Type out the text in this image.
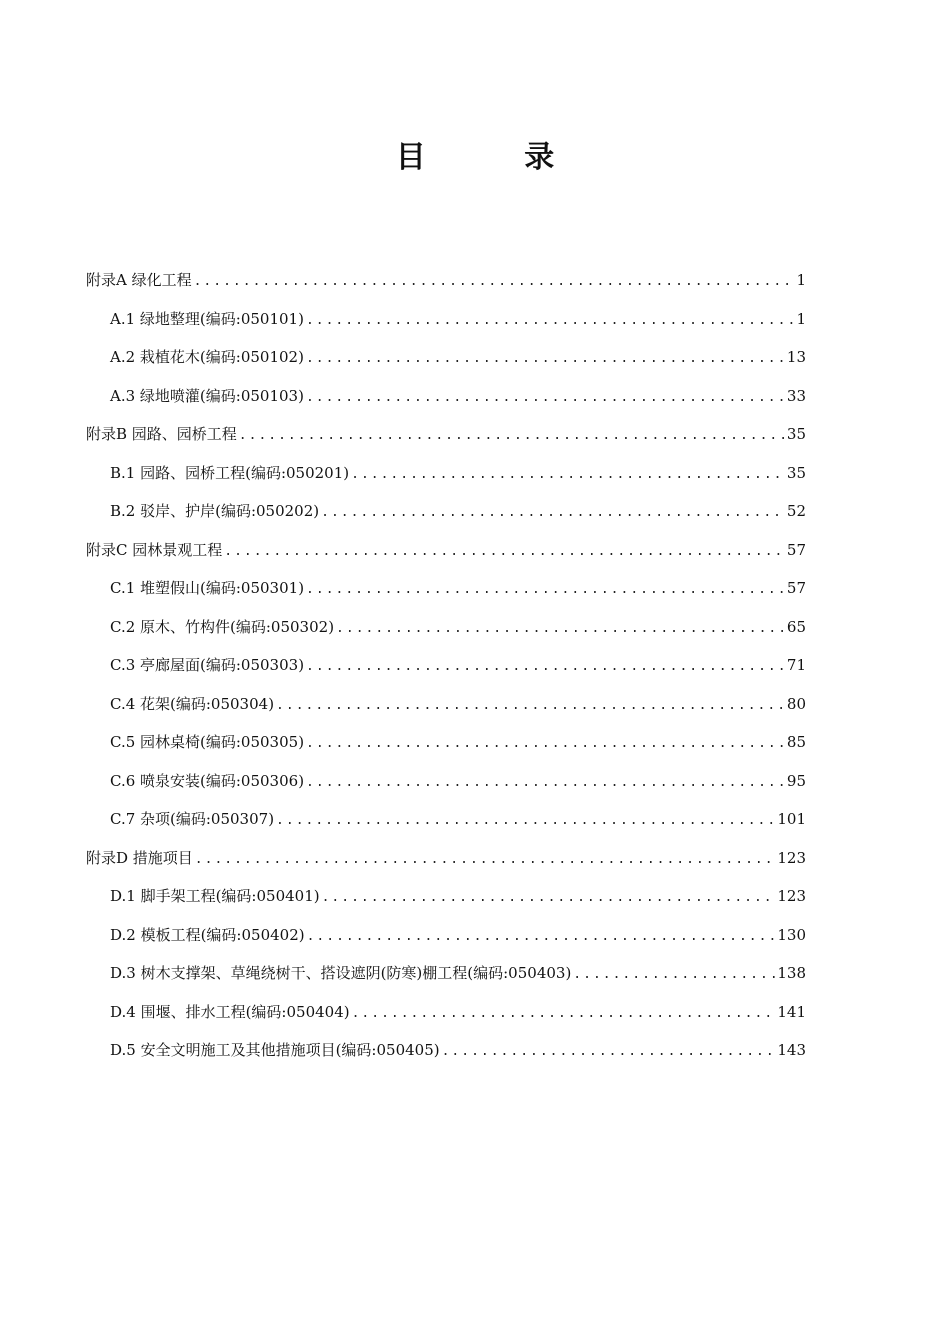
目 录
附录A 绿化工程 .....	1
A.1 绿地整理(编码:050101) .....	1
A.2 栽植花木(编码:050102) .....	13
A.3 绿地喷灌(编码:050103) .....	33
附录B 园路、园桥工程 .....	35
B.1 园路、园桥工程(编码:050201) .....	35
B.2 驳岸、护岸(编码:050202) .....	52
附录C 园林景观工程 .....	57
C.1 堆塑假山(编码:050301) .....	57
C.2 原木、竹构件(编码:050302) .....	65
C.3 亭廊屋面(编码:050303) .....	71
C.4 花架(编码:050304) .....	80
C.5 园林桌椅(编码:050305) .....	85
C.6 喷泉安装(编码:050306) .....	95
C.7 杂项(编码:050307) .....	101
附录D 措施项目 .....	123
D.1 脚手架工程(编码:050401) .....	123
D.2 模板工程(编码:050402) .....	130
D.3 树木支撑架、草绳绕树干、搭设遮阴(防寒)棚工程(编码:050403) .....	138
D.4 围堰、排水工程(编码:050404) .....	141
D.5 安全文明施工及其他措施项目(编码:050405) .....	143
